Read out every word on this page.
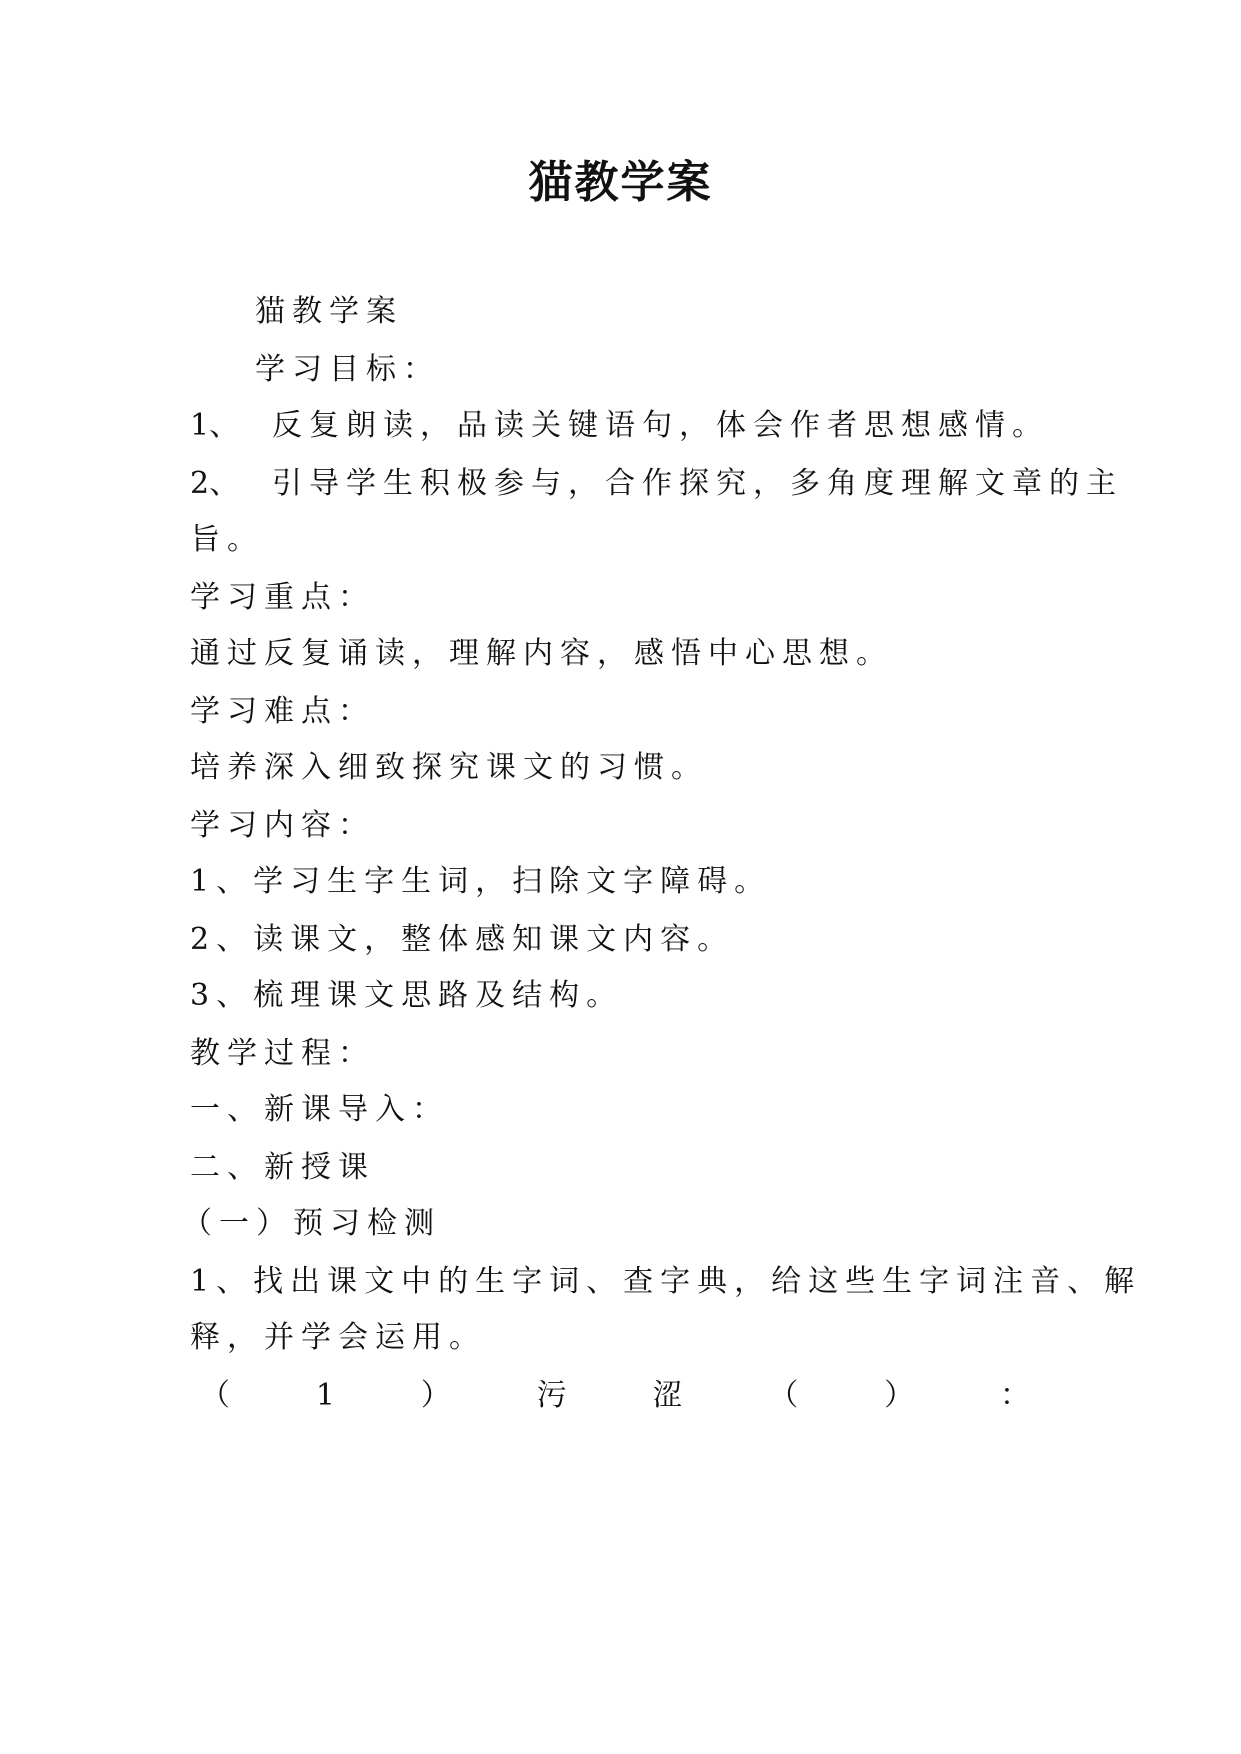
猫教学案
猫教学案
学习目标：
1、 反复朗读，品读关键语句，体会作者思想感情。
2、 引导学生积极参与，合作探究，多角度理解文章的主
旨。
学习重点：
通过反复诵读，理解内容，感悟中心思想。
学习难点：
培养深入细致探究课文的习惯。
学习内容：
1、学习生字生词，扫除文字障碍。
2、读课文，整体感知课文内容。
3、梳理课文思路及结构。
教学过程：
一、新课导入：
二、新授课
（一）预习检测
1、找出课文中的生字词、查字典，给这些生字词注音、解
释，并学会运用。
（	1	）	污	涩	（	）	：
